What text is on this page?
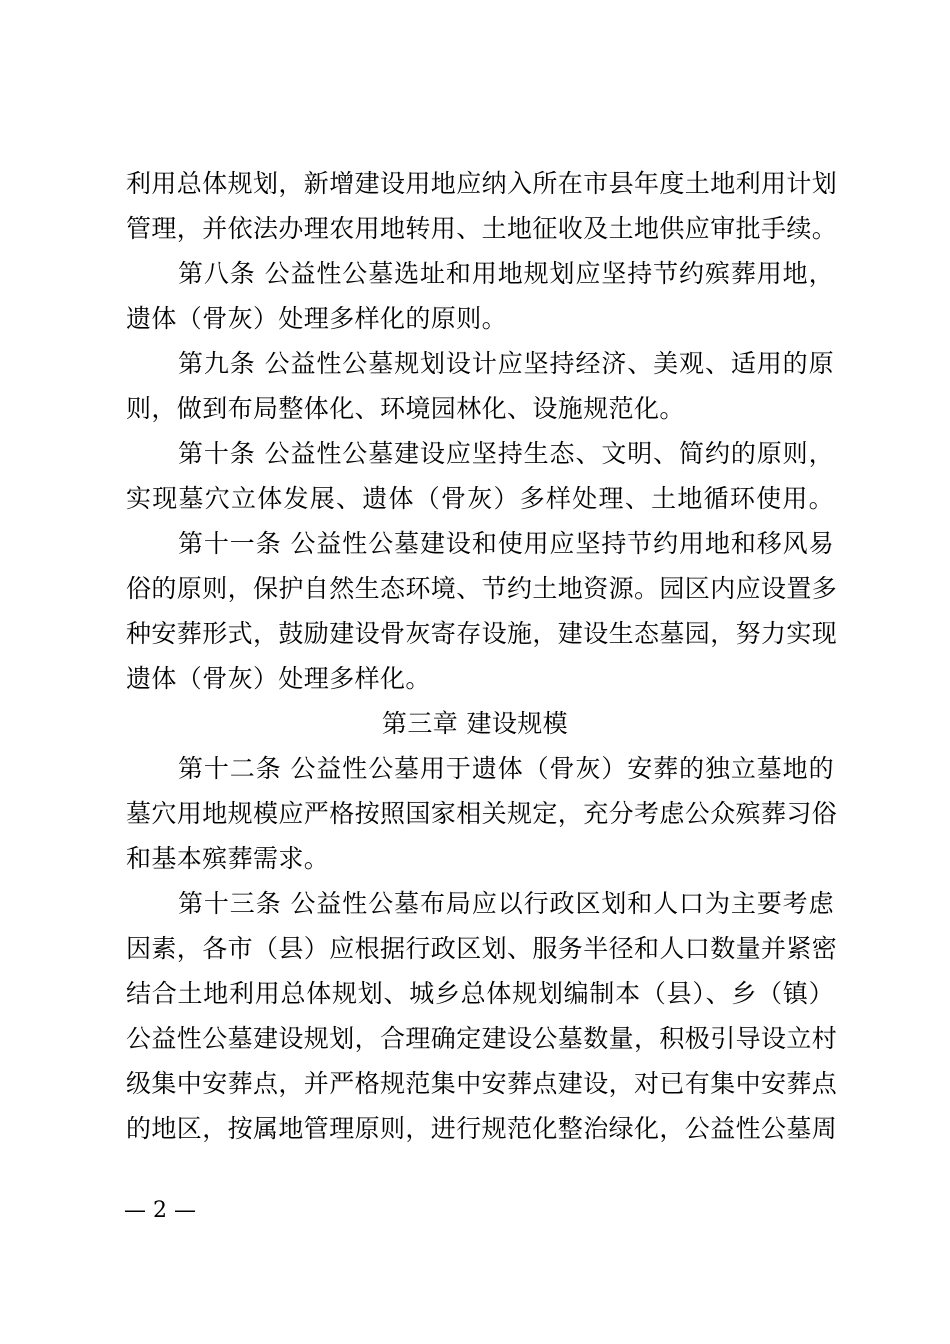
利用总体规划，新增建设用地应纳入所在市县年度土地利用计划
管理，并依法办理农用地转用、土地征收及土地供应审批手续。
第八条 公益性公墓选址和用地规划应坚持节约殡葬用地，
遗体（骨灰）处理多样化的原则。
第九条 公益性公墓规划设计应坚持经济、美观、适用的原
则，做到布局整体化、环境园林化、设施规范化。
第十条 公益性公墓建设应坚持生态、文明、简约的原则，
实现墓穴立体发展、遗体（骨灰）多样处理、土地循环使用。
第十一条 公益性公墓建设和使用应坚持节约用地和移风易
俗的原则，保护自然生态环境、节约土地资源。园区内应设置多
种安葬形式，鼓励建设骨灰寄存设施，建设生态墓园，努力实现
遗体（骨灰）处理多样化。
第三章 建设规模
第十二条 公益性公墓用于遗体（骨灰）安葬的独立墓地的
墓穴用地规模应严格按照国家相关规定，充分考虑公众殡葬习俗
和基本殡葬需求。
第十三条 公益性公墓布局应以行政区划和人口为主要考虑
因素，各市（县）应根据行政区划、服务半径和人口数量并紧密
结合土地利用总体规划、城乡总体规划编制本（县）、乡（镇）
公益性公墓建设规划，合理确定建设公墓数量，积极引导设立村
级集中安葬点，并严格规范集中安葬点建设，对已有集中安葬点
的地区，按属地管理原则，进行规范化整治绿化，公益性公墓周
— 2 —
